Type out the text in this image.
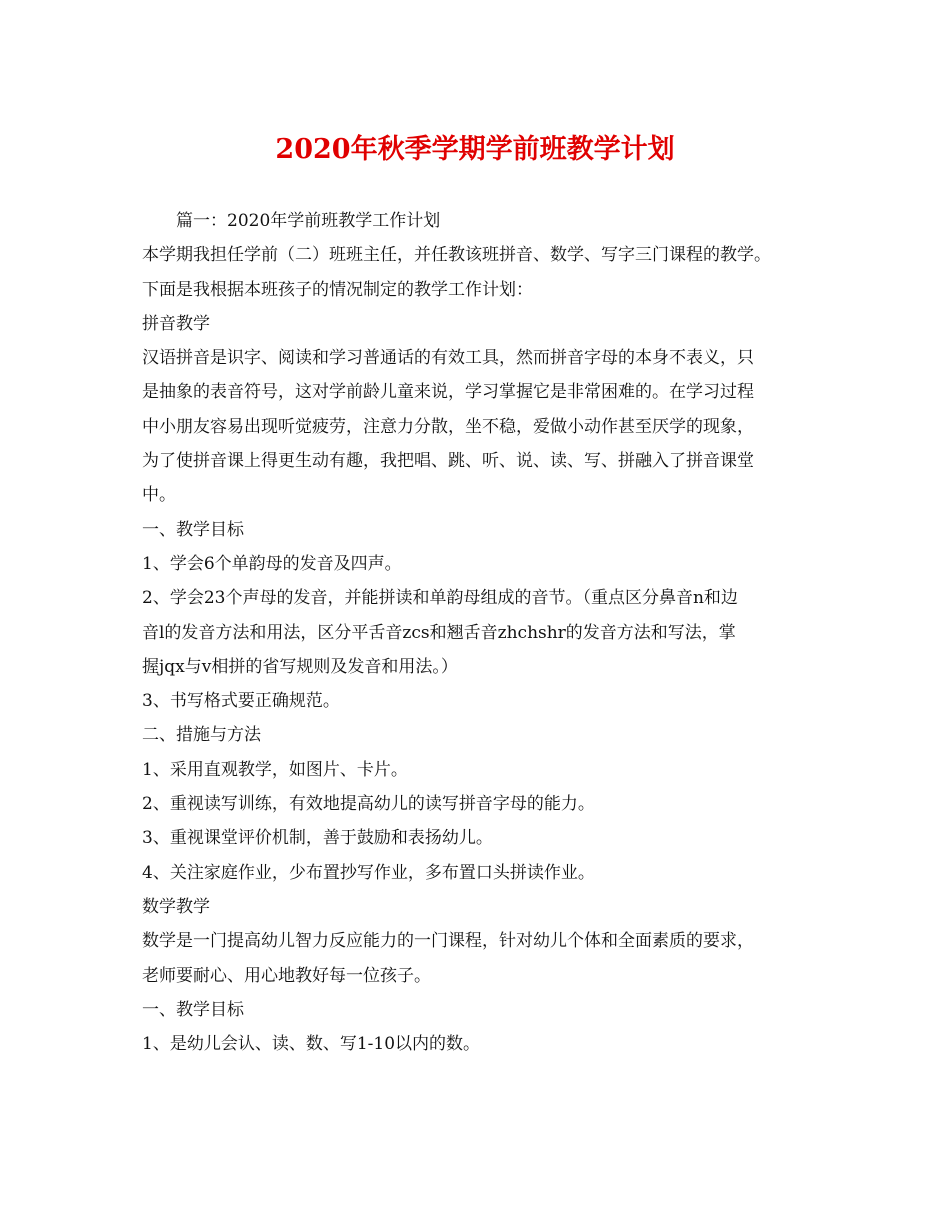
2020年秋季学期学前班教学计划

篇一：2020年学前班教学工作计划

本学期我担任学前（二）班班主任，并任教该班拼音、数学、写字三门课程的教学。

下面是我根据本班孩子的情况制定的教学工作计划：

拼音教学

汉语拼音是识字、阅读和学习普通话的有效工具，然而拼音字母的本身不表义，只

是抽象的表音符号，这对学前龄儿童来说，学习掌握它是非常困难的。在学习过程

中小朋友容易出现听觉疲劳，注意力分散，坐不稳，爱做小动作甚至厌学的现象，

为了使拼音课上得更生动有趣，我把唱、跳、听、说、读、写、拼融入了拼音课堂

中。

一、教学目标

1、学会6个单韵母的发音及四声。

2、学会23个声母的发音，并能拼读和单韵母组成的音节。（重点区分鼻音n和边

音l的发音方法和用法，区分平舌音zcs和翘舌音zhchshr的发音方法和写法，掌

握jqx与v相拼的省写规则及发音和用法。）

3、书写格式要正确规范。

二、措施与方法

1、采用直观教学，如图片、卡片。

2、重视读写训练，有效地提高幼儿的读写拼音字母的能力。

3、重视课堂评价机制，善于鼓励和表扬幼儿。

4、关注家庭作业，少布置抄写作业，多布置口头拼读作业。

数学教学

数学是一门提高幼儿智力反应能力的一门课程，针对幼儿个体和全面素质的要求，

老师要耐心、用心地教好每一位孩子。

一、教学目标

1、是幼儿会认、读、数、写1-10以内的数。
